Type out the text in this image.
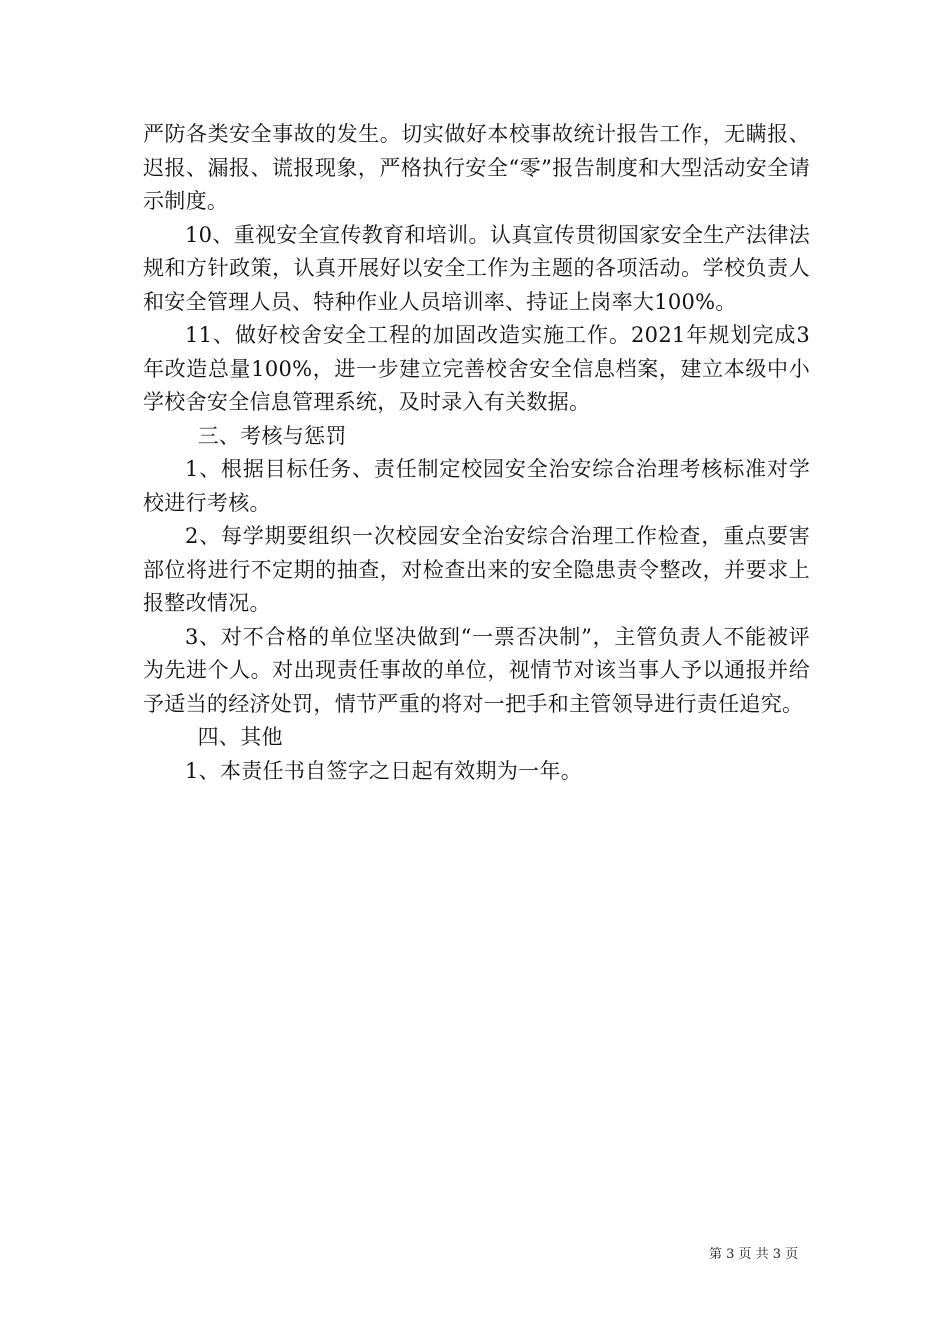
严防各类安全事故的发生。切实做好本校事故统计报告工作，无瞒报、迟报、漏报、谎报现象，严格执行安全“零”报告制度和大型活动安全请示制度。

10、重视安全宣传教育和培训。认真宣传贯彻国家安全生产法律法规和方针政策，认真开展好以安全工作为主题的各项活动。学校负责人和安全管理人员、特种作业人员培训率、持证上岗率大100%。

11、做好校舍安全工程的加固改造实施工作。2021年规划完成3年改造总量100%，进一步建立完善校舍安全信息档案，建立本级中小学校舍安全信息管理系统，及时录入有关数据。

三、考核与惩罚

1、根据目标任务、责任制定校园安全治安综合治理考核标准对学校进行考核。

2、每学期要组织一次校园安全治安综合治理工作检查，重点要害部位将进行不定期的抽查，对检查出来的安全隐患责令整改，并要求上报整改情况。

3、对不合格的单位坚决做到“一票否决制”，主管负责人不能被评为先进个人。对出现责任事故的单位，视情节对该当事人予以通报并给予适当的经济处罚，情节严重的将对一把手和主管领导进行责任追究。

四、其他

1、本责任书自签字之日起有效期为一年。

第 3 页 共 3 页
